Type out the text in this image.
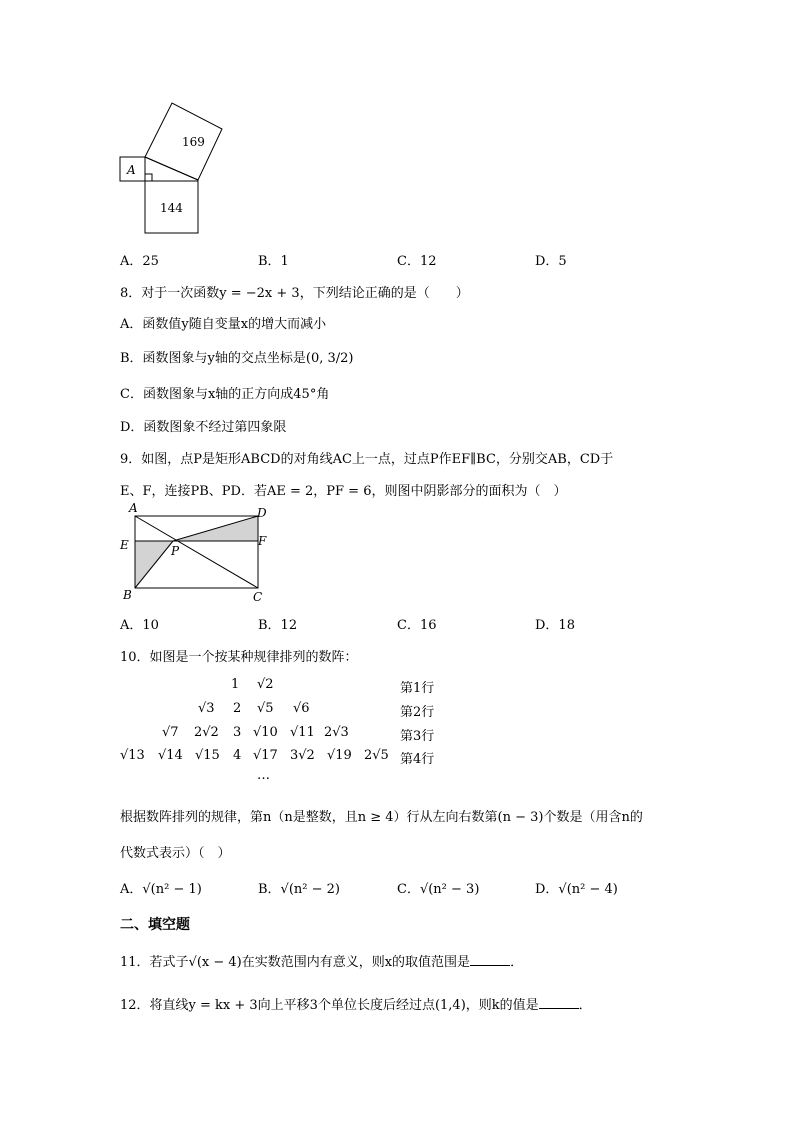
169
A
144
A．25	B．1	C．12	D．5
8．对于一次函数y = −2x + 3，下列结论正确的是（　　）
A．函数值y随自变量x的增大而减小
B．函数图象与y轴的交点坐标是(0, 3/2)
C．函数图象与x轴的正方向成45°角
D．函数图象不经过第四象限
9．如图，点P是矩形ABCD的对角线AC上一点，过点P作EF∥BC，分别交AB，CD于
E、F，连接PB、PD．若AE = 2，PF = 6，则图中阴影部分的面积为（　）
A	D
E	P
F
B	C
A．10	B．12	C．16	D．18
10．如图是一个按某种规律排列的数阵：
1 √2	第1行
√3 2 √5 √6	第2行
√7 2√2 3 √10 √11 2√3	第3行
√13 √14 √15 4 √17 3√2 √19 2√5 第4行
…
根据数阵排列的规律，第n（n是整数，且n ≥ 4）行从左向右数第(n − 3)个数是（用含n的
代数式表示）（　）
A．√(n² − 1)	B．√(n² − 2)	C．√(n² − 3)	D．√(n² − 4)
二、填空题
11．若式子√(x − 4)在实数范围内有意义，则x的取值范围是	．
12．将直线y = kx + 3向上平移3个单位长度后经过点(1,4)，则k的值是	．
